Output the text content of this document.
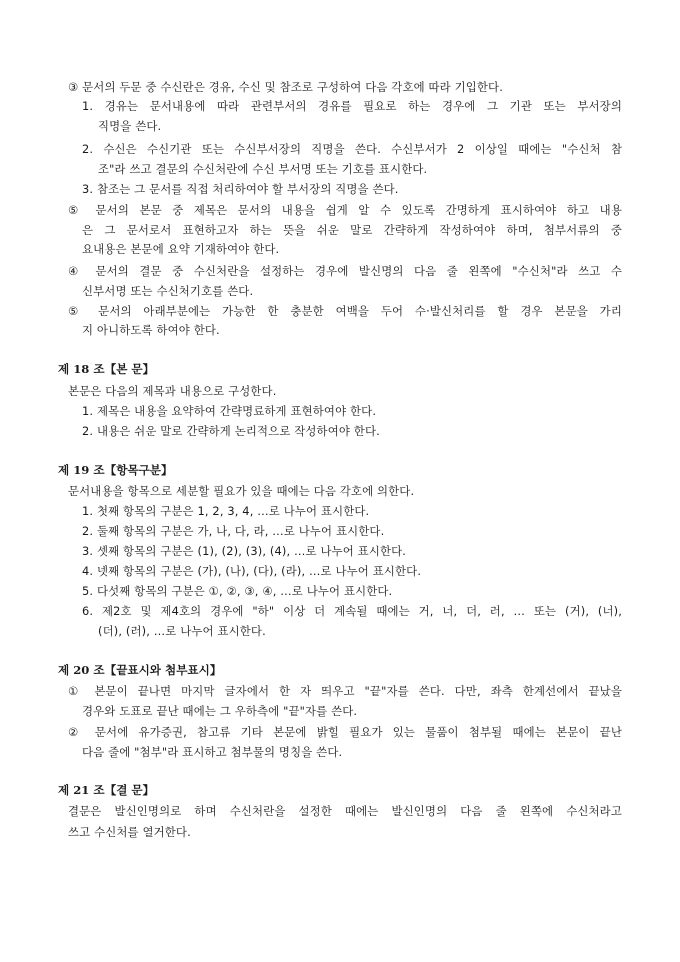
③ 문서의 두문 중 수신란은 경유, 수신 및 참조로 구성하여 다음 각호에 따라 기입한다.
1. 경유는 문서내용에 따라 관련부서의 경유를 필요로 하는 경우에 그 기관 또는 부서장의
직명을 쓴다.
2. 수신은 수신기관 또는 수신부서장의 직명을 쓴다. 수신부서가 2 이상일 때에는 "수신처 참
조"라 쓰고 결문의 수신처란에 수신 부서명 또는 기호를 표시한다.
3. 참조는 그 문서를 직접 처리하여야 할 부서장의 직명을 쓴다.
⑤ 문서의 본문 중 제목은 문서의 내용을 쉽게 알 수 있도록 간명하게 표시하여야 하고 내용
은 그 문서로서 표현하고자 하는 뜻을 쉬운 말로 간략하게 작성하여야 하며, 첨부서류의 중
요내용은 본문에 요약 기재하여야 한다.
④ 문서의 결문 중 수신처란을 설정하는 경우에 발신명의 다음 줄 왼쪽에 "수신처"라 쓰고 수
신부서명 또는 수신처기호를 쓴다.
⑤ 문서의 아래부분에는 가능한 한 충분한 여백을 두어 수·발신처리를 할 경우 본문을 가리
지 아니하도록 하여야 한다.
제 18 조【본 문】
본문은 다음의 제목과 내용으로 구성한다.
1. 제목은 내용을 요약하여 간략명료하게 표현하여야 한다.
2. 내용은 쉬운 말로 간략하게 논리적으로 작성하여야 한다.
제 19 조【항목구분】
문서내용을 항목으로 세분할 필요가 있을 때에는 다음 각호에 의한다.
1. 첫째 항목의 구분은 1, 2, 3, 4, …로 나누어 표시한다.
2. 둘째 항목의 구분은 가, 나, 다, 라, …로 나누어 표시한다.
3. 셋째 항목의 구분은 (1), (2), (3), (4), …로 나누어 표시한다.
4. 넷째 항목의 구분은 (가), (나), (다), (라), …로 나누어 표시한다.
5. 다섯째 항목의 구분은 ①, ②, ③, ④, …로 나누어 표시한다.
6. 제2호 및 제4호의 경우에 "하" 이상 더 계속될 때에는 거, 너, 더, 러, … 또는 (거), (너),
(더), (러), …로 나누어 표시한다.
제 20 조【끝표시와 첨부표시】
① 본문이 끝나면 마지막 글자에서 한 자 띄우고 "끝"자를 쓴다. 다만, 좌측 한계선에서 끝났을
경우와 도표로 끝난 때에는 그 우하측에 "끝"자를 쓴다.
② 문서에 유가증권, 참고류 기타 본문에 밝힐 필요가 있는 물품이 첨부될 때에는 본문이 끝난
다음 줄에 "첨부"라 표시하고 첨부물의 명칭을 쓴다.
제 21 조【결 문】
결문은 발신인명의로 하며 수신처란을 설정한 때에는 발신인명의 다음 줄 왼쪽에 수신처라고
쓰고 수신처를 열거한다.
